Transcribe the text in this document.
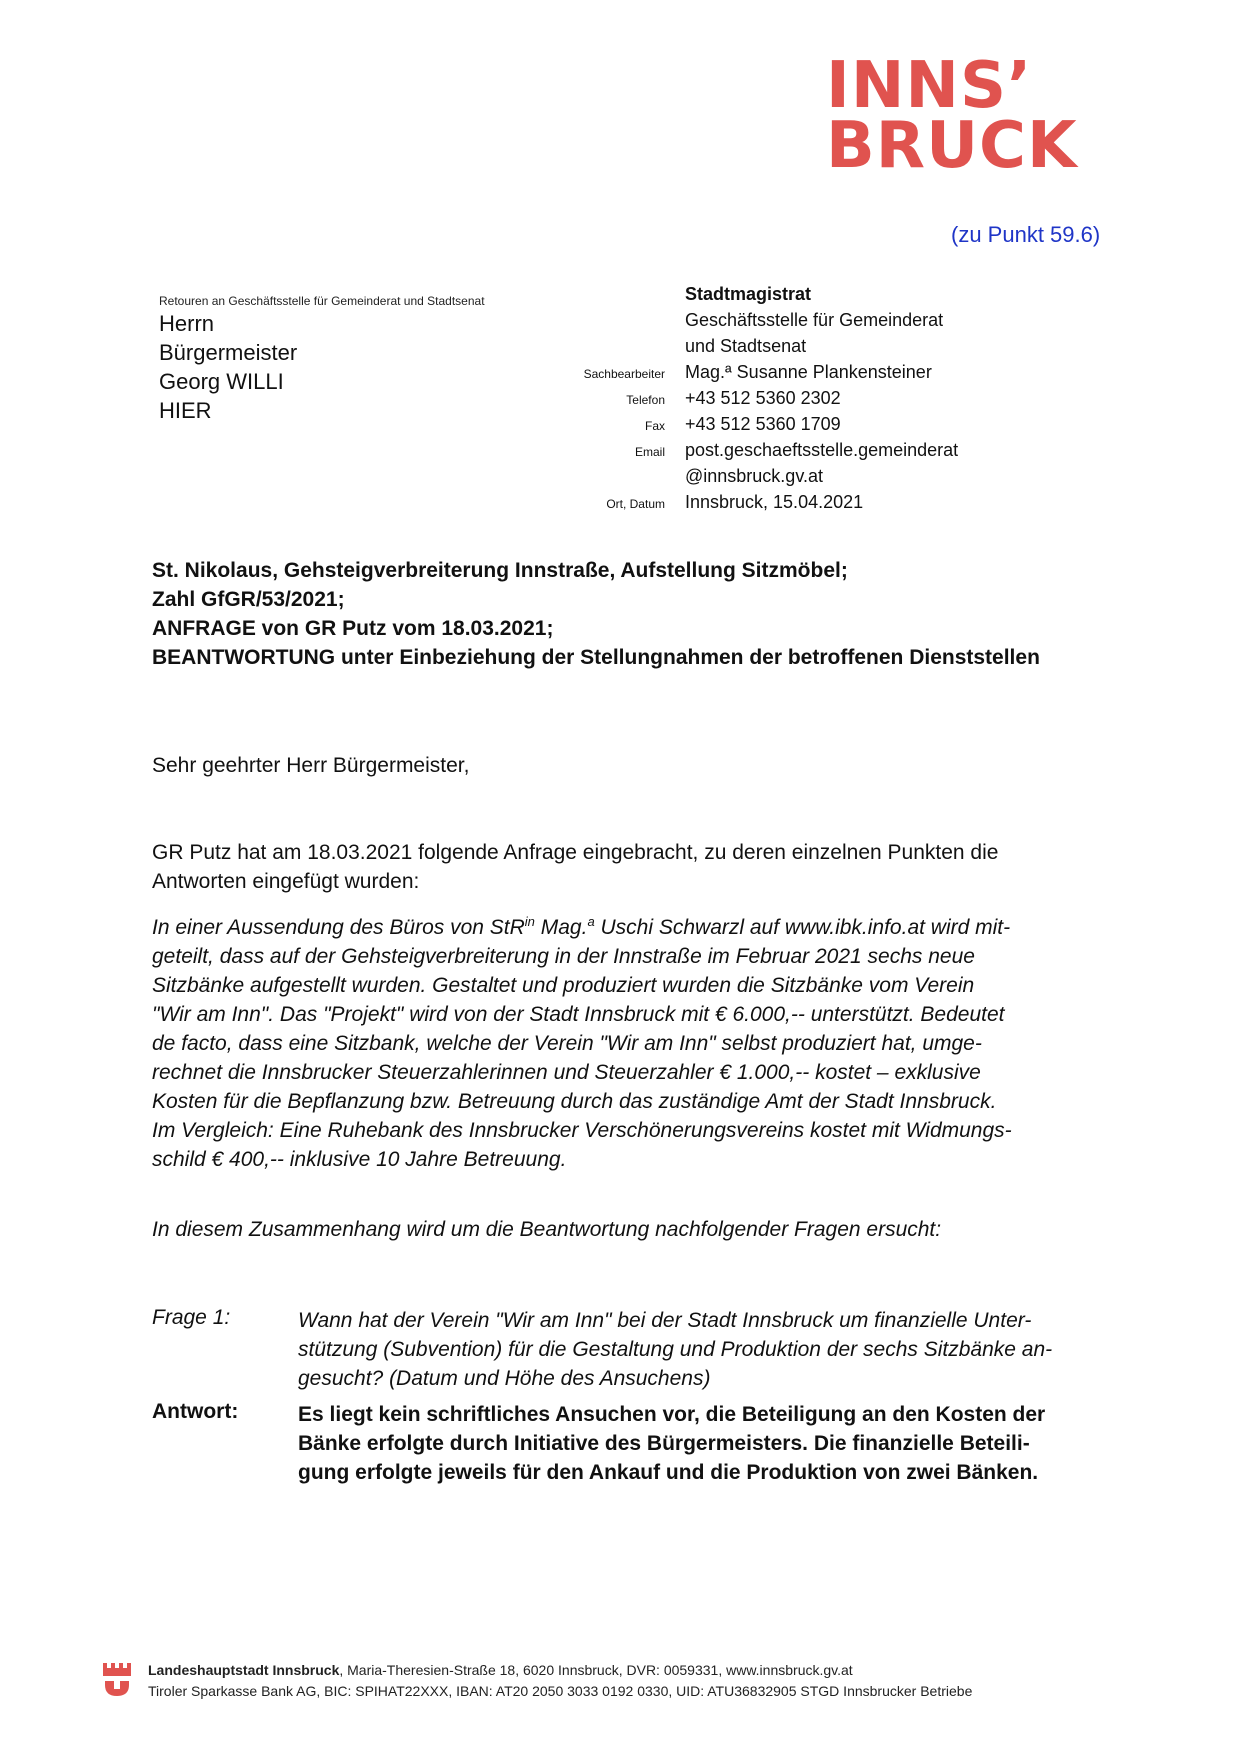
INNS’
BRUCK
(zu Punkt 59.6)
Retouren an Geschäftsstelle für Gemeinderat und Stadtsenat
Herrn
Bürgermeister
Georg WILLI
HIER
Stadtmagistrat
Geschäftsstelle für Gemeinderat
und Stadtsenat
Sachbearbeiter Mag.ª Susanne Plankensteiner
Telefon +43 512 5360 2302
Fax +43 512 5360 1709
Email post.geschaeftsstelle.gemeinderat
@innsbruck.gv.at
Ort, Datum Innsbruck, 15.04.2021
St. Nikolaus, Gehsteigverbreiterung Innstraße, Aufstellung Sitzmöbel;
Zahl GfGR/53/2021;
ANFRAGE von GR Putz vom 18.03.2021;
BEANTWORTUNG unter Einbeziehung der Stellungnahmen der betroffenen Dienststellen
Sehr geehrter Herr Bürgermeister,
GR Putz hat am 18.03.2021 folgende Anfrage eingebracht, zu deren einzelnen Punkten die
Antworten eingefügt wurden:
In einer Aussendung des Büros von StR$^{in}$ Mag.$^a$ Uschi Schwarzl auf www.ibk.info.at wird mit-
geteilt, dass auf der Gehsteigverbreiterung in der Innstraße im Februar 2021 sechs neue
Sitzbänke aufgestellt wurden. Gestaltet und produziert wurden die Sitzbänke vom Verein
"Wir am Inn". Das "Projekt" wird von der Stadt Innsbruck mit € 6.000,-- unterstützt. Bedeutet
de facto, dass eine Sitzbank, welche der Verein "Wir am Inn" selbst produziert hat, umge-
rechnet die Innsbrucker Steuerzahlerinnen und Steuerzahler € 1.000,-- kostet – exklusive
Kosten für die Bepflanzung bzw. Betreuung durch das zuständige Amt der Stadt Innsbruck.
Im Vergleich: Eine Ruhebank des Innsbrucker Verschönerungsvereins kostet mit Widmungs-
schild € 400,-- inklusive 10 Jahre Betreuung.
In diesem Zusammenhang wird um die Beantwortung nachfolgender Fragen ersucht:
Frage 1:	Wann hat der Verein "Wir am Inn" bei der Stadt Innsbruck um finanzielle Unter-
stützung (Subvention) für die Gestaltung und Produktion der sechs Sitzbänke an-
gesucht? (Datum und Höhe des Ansuchens)
Antwort:	Es liegt kein schriftliches Ansuchen vor, die Beteiligung an den Kosten der
Bänke erfolgte durch Initiative des Bürgermeisters. Die finanzielle Beteili-
gung erfolgte jeweils für den Ankauf und die Produktion von zwei Bänken.
Landeshauptstadt Innsbruck, Maria-Theresien-Straße 18, 6020 Innsbruck, DVR: 0059331, www.innsbruck.gv.at
Tiroler Sparkasse Bank AG, BIC: SPIHAT22XXX, IBAN: AT20 2050 3033 0192 0330, UID: ATU36832905 STGD Innsbrucker Betriebe
